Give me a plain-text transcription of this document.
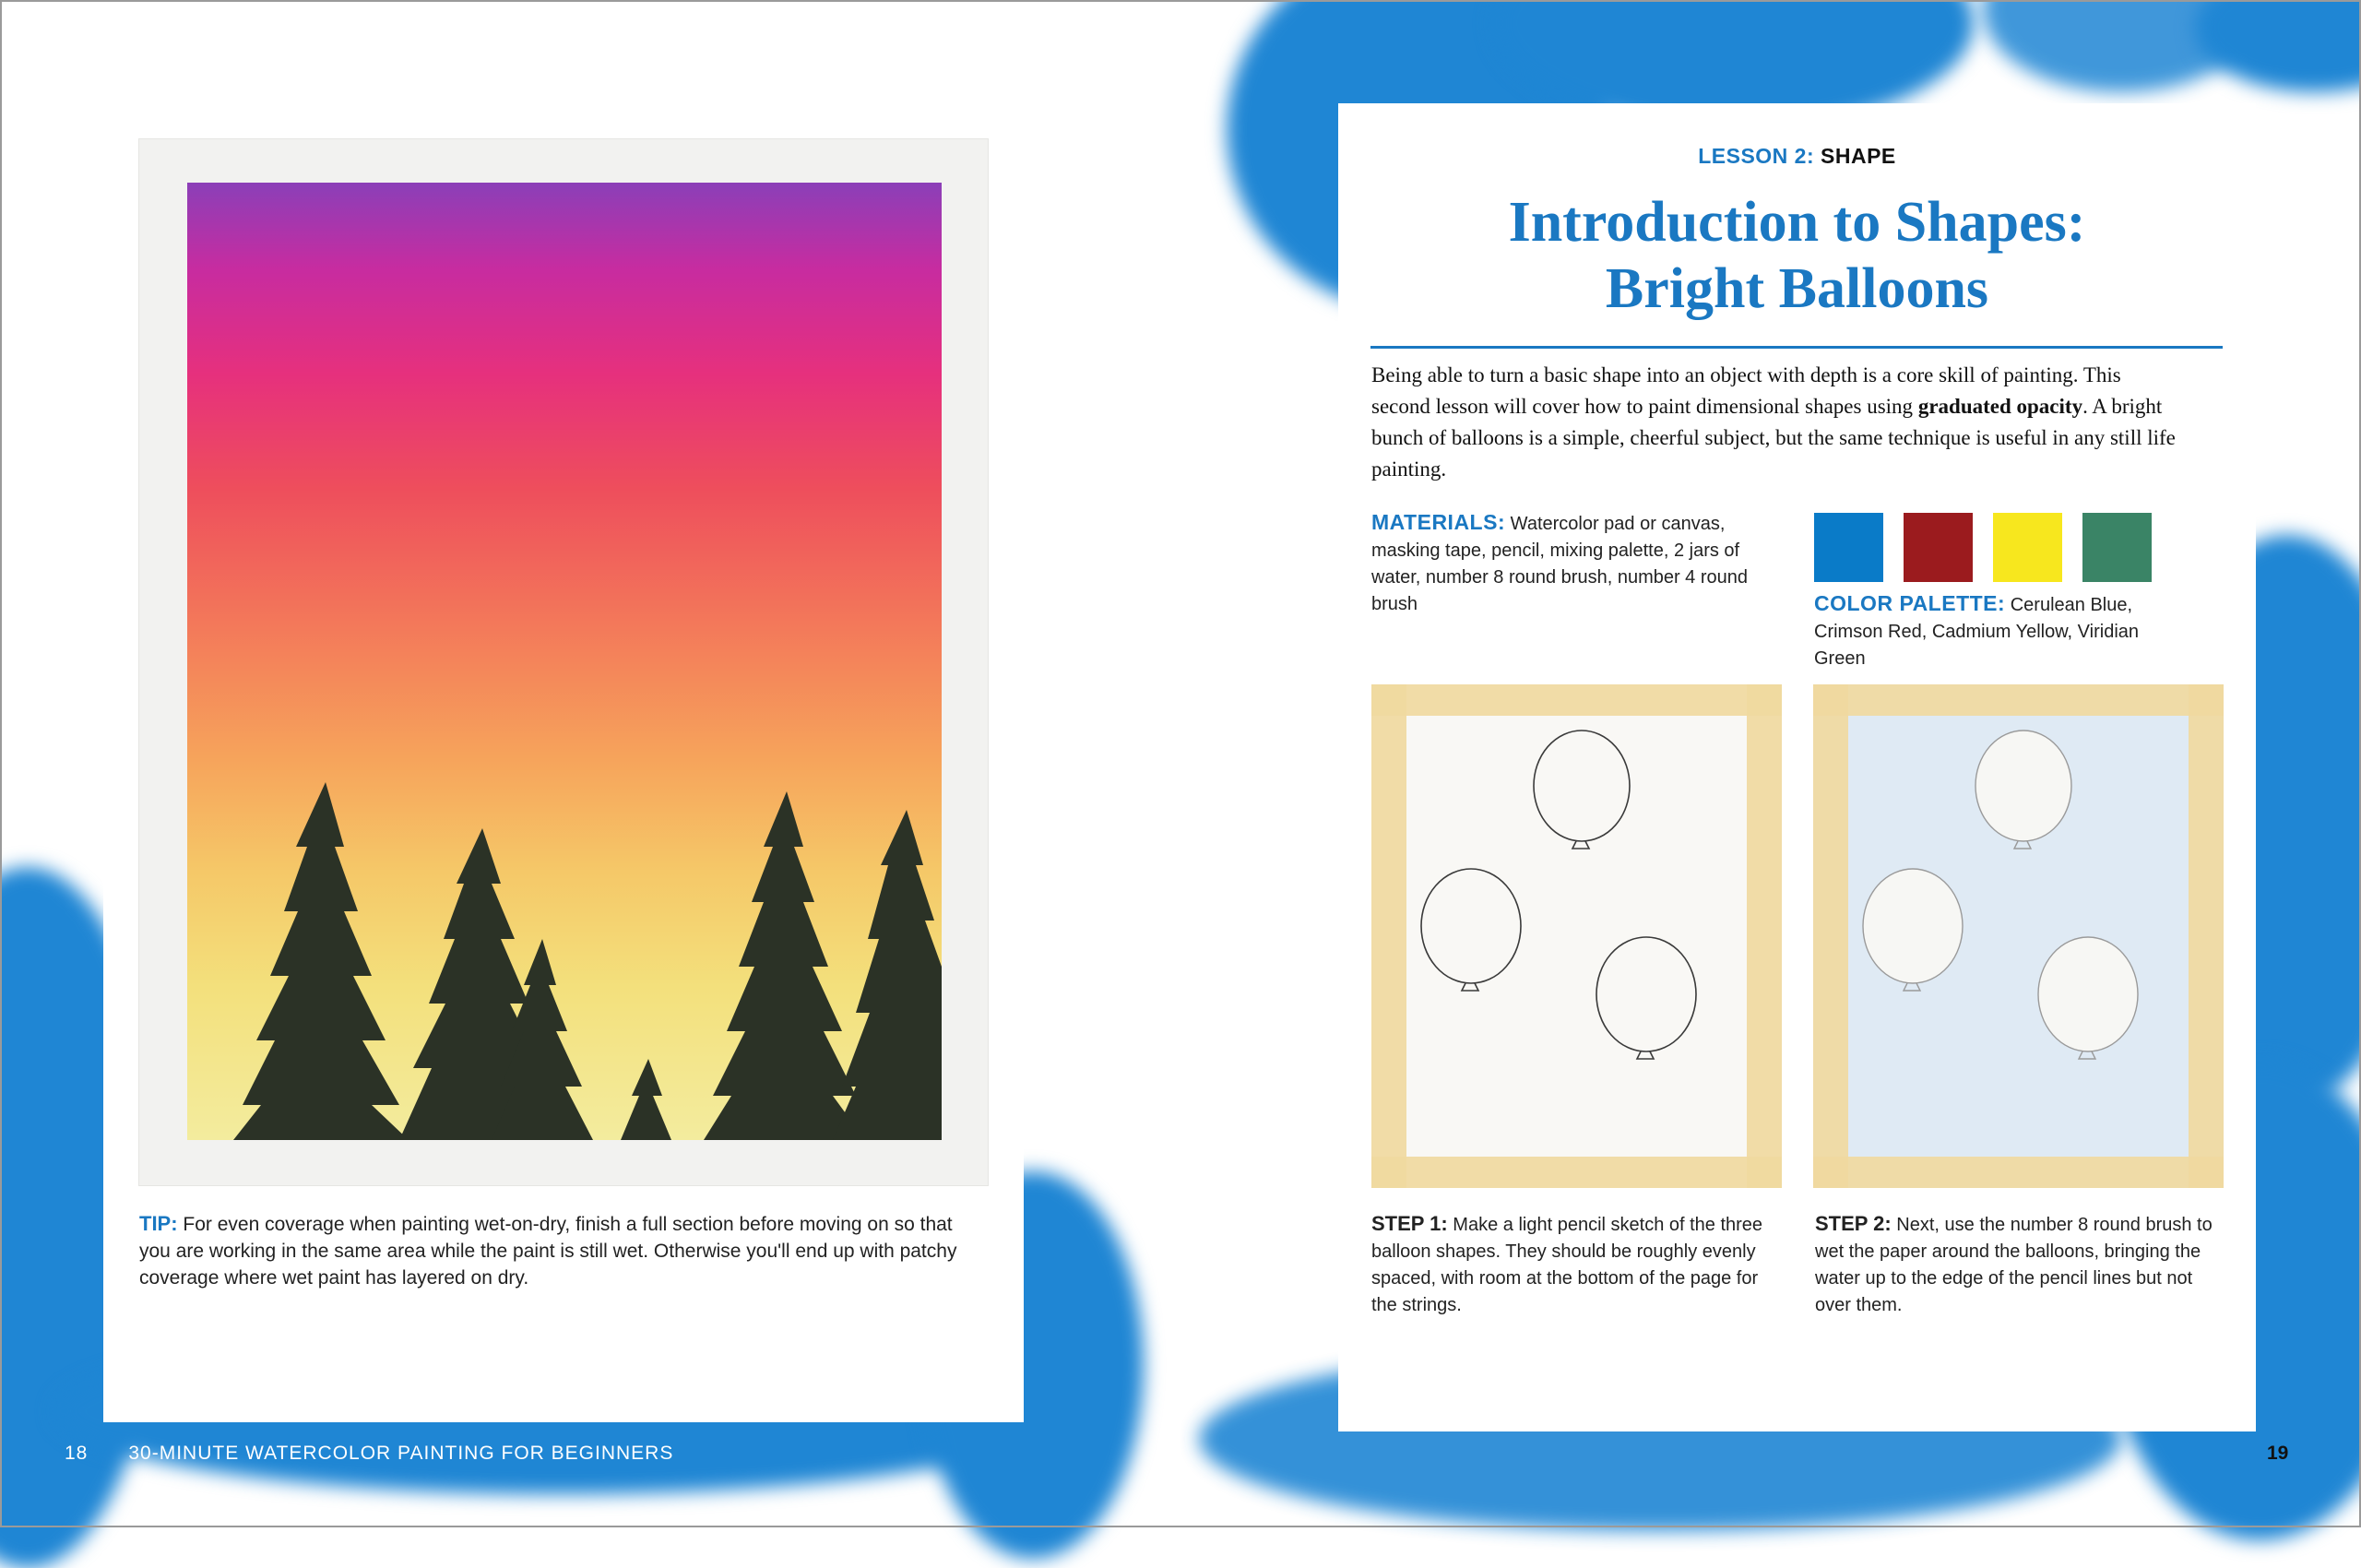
TIP: For even coverage when painting wet-on-dry, finish a full section before moving on so that you are working in the same area while the paint is still wet. Otherwise you'll end up with patchy coverage where wet paint has layered on dry.
18 30-MINUTE WATERCOLOR PAINTING FOR BEGINNERS
LESSON 2: SHAPE
Introduction to Shapes:
Bright Balloons
Being able to turn a basic shape into an object with depth is a core skill of painting. This second lesson will cover how to paint dimensional shapes using graduated opacity. A bright bunch of balloons is a simple, cheerful subject, but the same technique is useful in any still life painting.
MATERIALS: Watercolor pad or canvas, masking tape, pencil, mixing palette, 2 jars of water, number 8 round brush, number 4 round brush	COLOR PALETTE: Cerulean Blue, Crimson Red, Cadmium Yellow, Viridian Green
STEP 1: Make a light pencil sketch of the three balloon shapes. They should be roughly evenly spaced, with room at the bottom of the page for the strings.
STEP 2: Next, use the number 8 round brush to wet the paper around the balloons, bringing the water up to the edge of the pencil lines but not over them.
19
